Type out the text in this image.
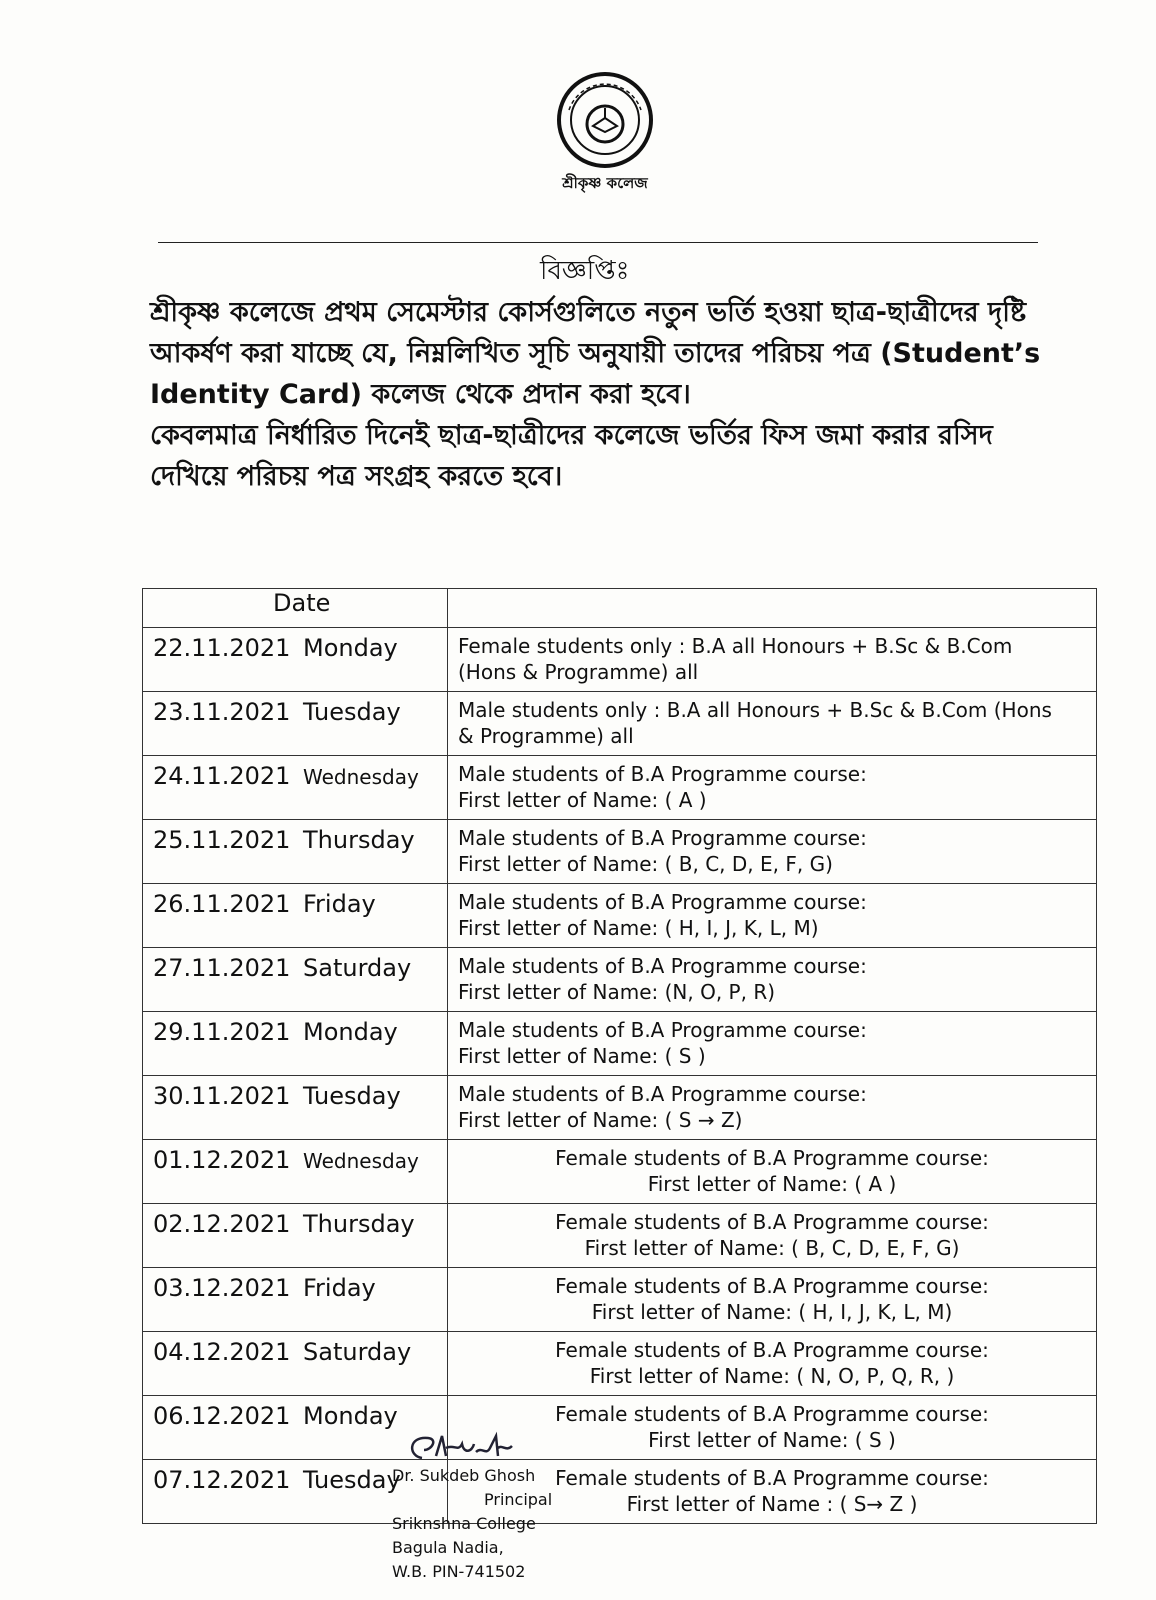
শ্রীকৃষ্ণ কলেজ
বিজ্ঞপ্তিঃ

শ্রীকৃষ্ণ কলেজে প্রথম সেমেস্টার কোর্সগুলিতে নতুন ভর্তি হওয়া ছাত্র-ছাত্রীদের দৃষ্টি আকর্ষণ করা যাচ্ছে যে, নিম্নলিখিত সূচি অনুযায়ী তাদের পরিচয় পত্র (Student’s Identity Card) কলেজ থেকে প্রদান করা হবে।

কেবলমাত্র নির্ধারিত দিনেই ছাত্র-ছাত্রীদের কলেজে ভর্তির ফিস জমা করার রসিদ দেখিয়ে পরিচয় পত্র সংগ্রহ করতে হবে।

Date	
22.11.2021 Monday	Female students only : B.A all Honours + B.Sc & B.Com
(Hons & Programme) all

23.11.2021 Tuesday	Male students only : B.A all Honours + B.Sc & B.Com (Hons
& Programme) all

24.11.2021 Wednesday	Male students of B.A Programme course:
First letter of Name: ( A )

25.11.2021 Thursday	Male students of B.A Programme course:
First letter of Name: ( B, C, D, E, F, G)

26.11.2021 Friday	Male students of B.A Programme course:
First letter of Name: ( H, I, J, K, L, M)

27.11.2021 Saturday	Male students of B.A Programme course:
First letter of Name: (N, O, P, R)

29.11.2021 Monday	Male students of B.A Programme course:
First letter of Name: ( S )

30.11.2021 Tuesday	Male students of B.A Programme course:
First letter of Name: ( S → Z)

01.12.2021 Wednesday	Female students of B.A Programme course:
First letter of Name: ( A )

02.12.2021 Thursday	Female students of B.A Programme course:
First letter of Name: ( B, C, D, E, F, G)

03.12.2021 Friday	Female students of B.A Programme course:
First letter of Name: ( H, I, J, K, L, M)

04.12.2021 Saturday	Female students of B.A Programme course:
First letter of Name: ( N, O, P, Q, R, )

06.12.2021 Monday	Female students of B.A Programme course:
First letter of Name: ( S )

07.12.2021 Tuesday	Female students of B.A Programme course:
First letter of Name : ( S→ Z )
Dr. Sukdeb Ghosh
Principal
Sriknshna College
Bagula Nadia,
W.B. PIN-741502
